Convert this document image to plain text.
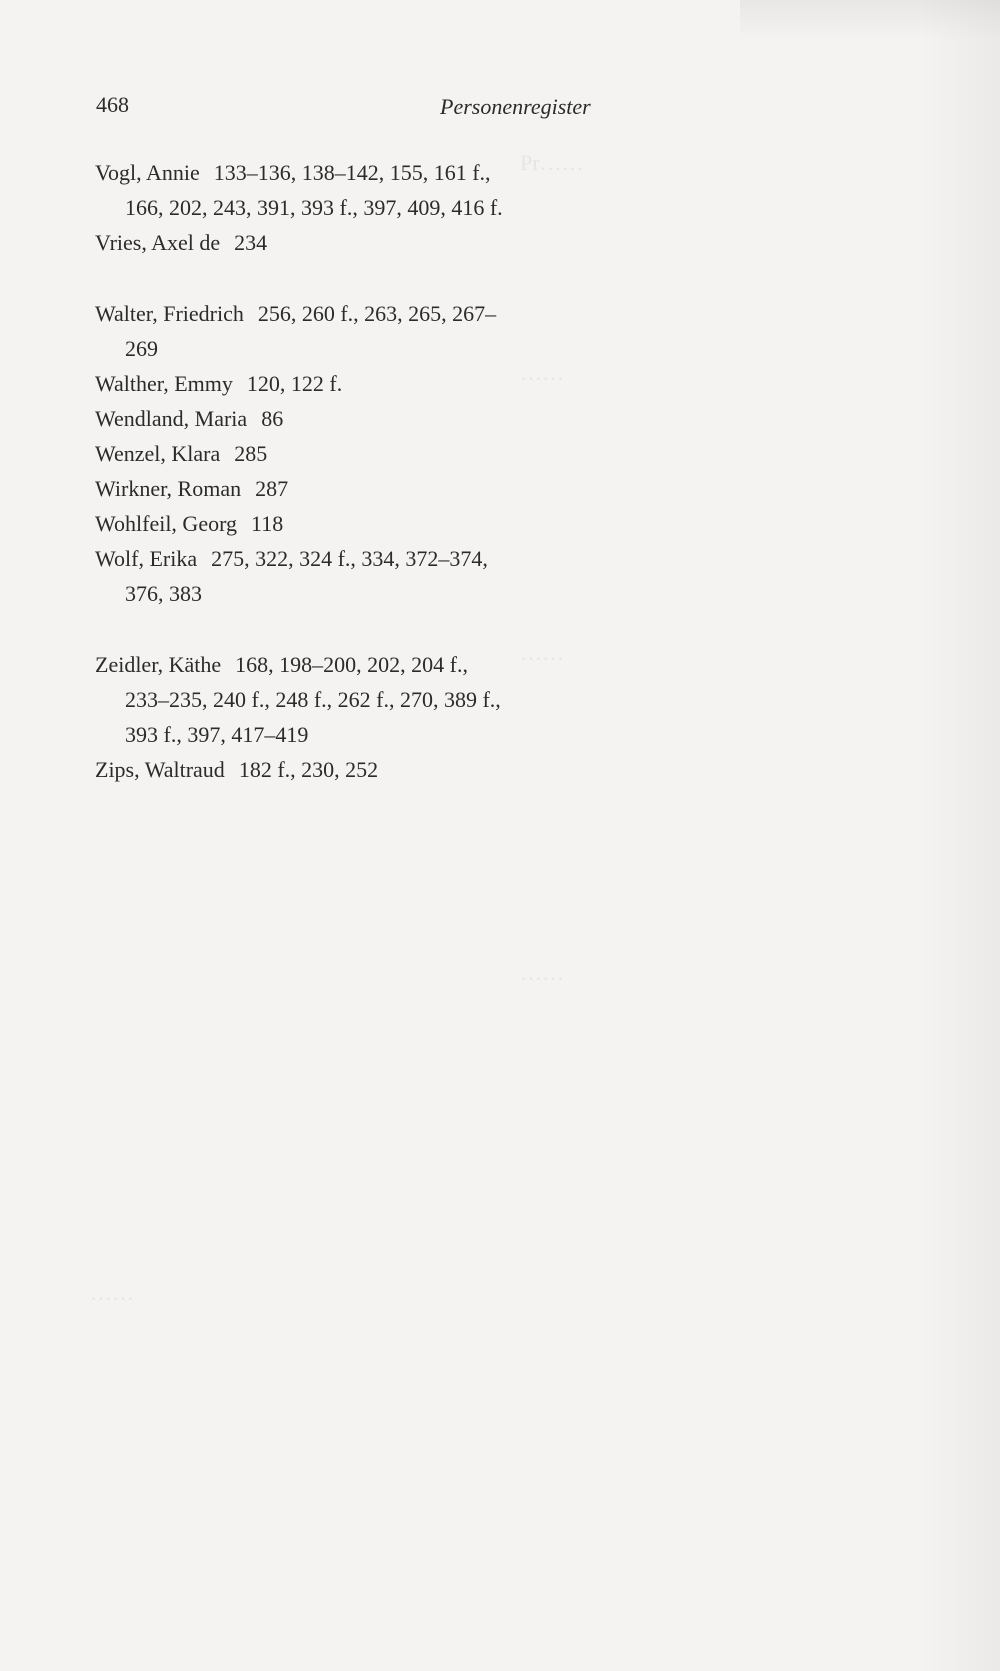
Pr……
……
……
……
……
468	Personenregister
Vogl, Annie 133–136, 138–142, 155, 161 f., 166, 202, 243, 391, 393 f., 397, 409, 416 f.
Vries, Axel de 234
Walter, Friedrich 256, 260 f., 263, 265, 267–269
Walther, Emmy 120, 122 f.
Wendland, Maria 86
Wenzel, Klara 285
Wirkner, Roman 287
Wohlfeil, Georg 118
Wolf, Erika 275, 322, 324 f., 334, 372–374, 376, 383
Zeidler, Käthe 168, 198–200, 202, 204 f., 233–235, 240 f., 248 f., 262 f., 270, 389 f., 393 f., 397, 417–419
Zips, Waltraud 182 f., 230, 252
